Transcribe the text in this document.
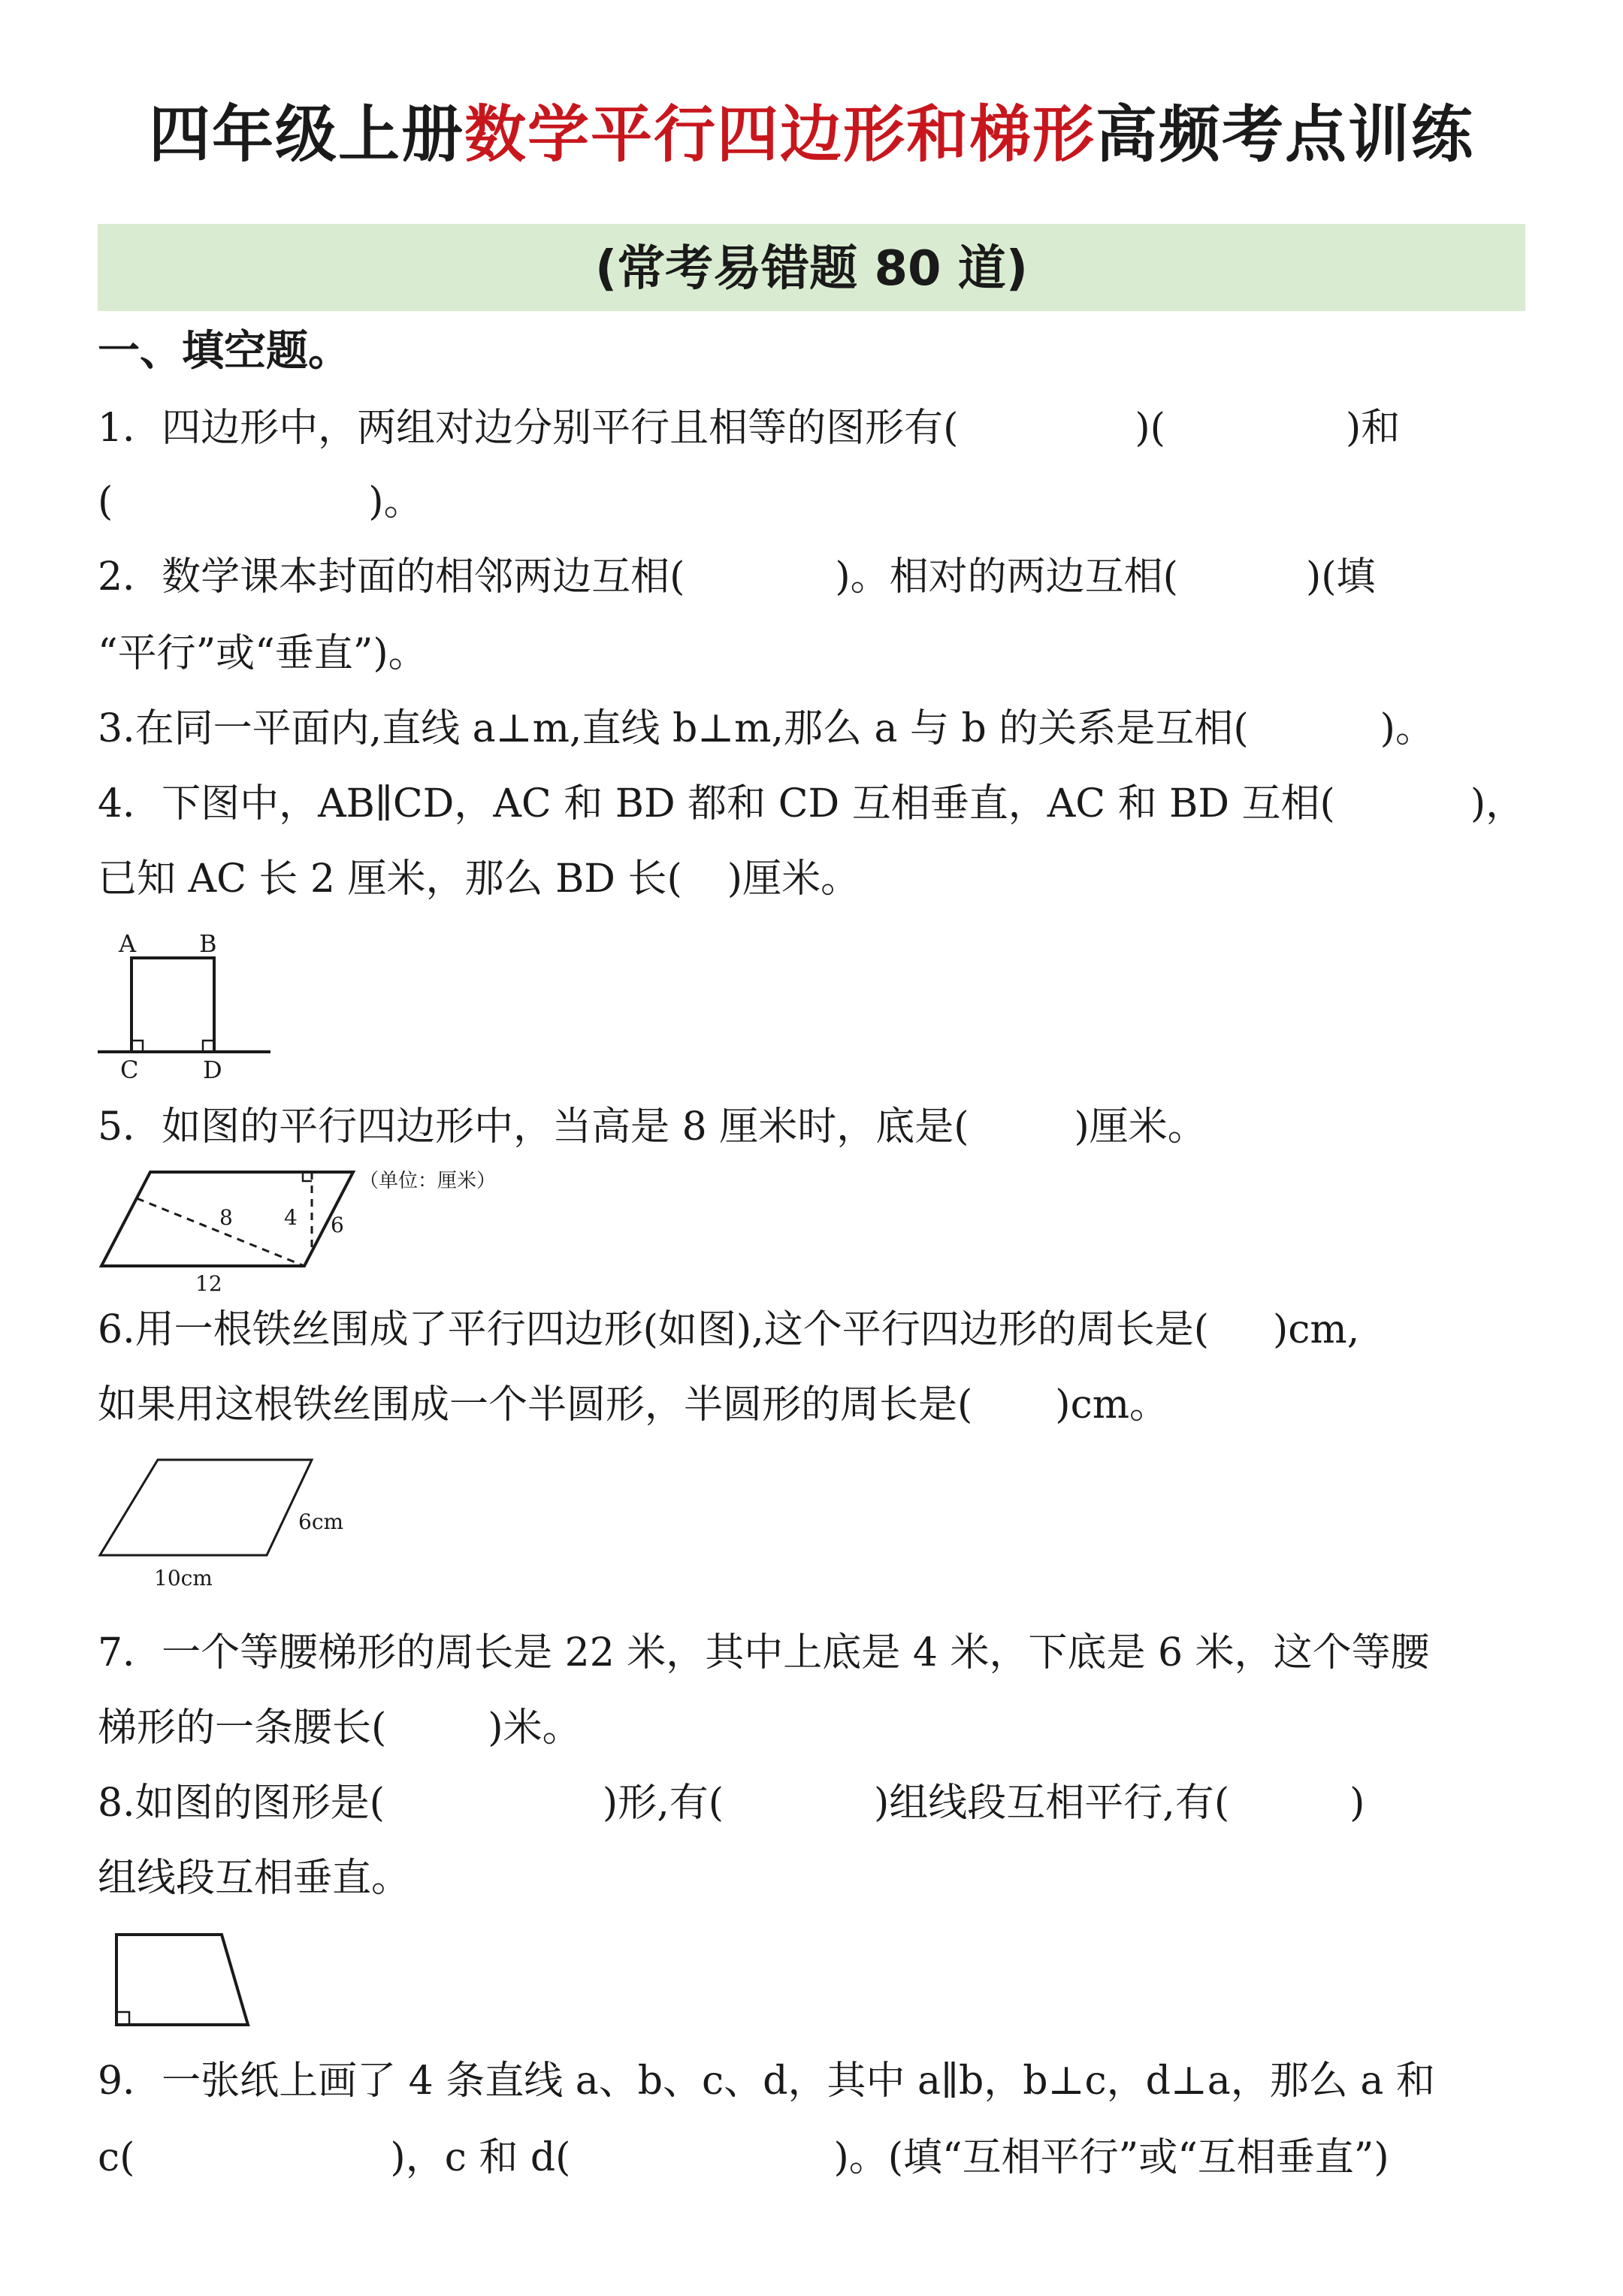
四年级上册数学平行四边形和梯形高频考点训练
(常考易错题 80 道)
一、填空题。
1．四边形中，两组对边分别平行且相等的图形有(	)(	)和
(	)。
2．数学课本封面的相邻两边互相(	)。相对的两边互相(	)(填
“平行”或“垂直”)。
3.在同一平面内,直线 a⊥m,直线 b⊥m,那么 a 与 b 的关系是互相(	)。
4．下图中，AB∥CD，AC 和 BD 都和 CD 互相垂直，AC 和 BD 互相(	)，
已知 AC 长 2 厘米，那么 BD 长( )厘米。
A	B
C	D
5．如图的平行四边形中，当高是 8 厘米时，底是(	)厘米。
8 4 6
12
（单位：厘米）
6.用一根铁丝围成了平行四边形(如图),这个平行四边形的周长是( )cm,
如果用这根铁丝围成一个半圆形，半圆形的周长是( )cm。
6cm
10cm
7．一个等腰梯形的周长是 22 米，其中上底是 4 米，下底是 6 米，这个等腰
梯形的一条腰长(	)米。
8.如图的图形是(	)形,有(	)组线段互相平行,有(	)
组线段互相垂直。
9．一张纸上画了 4 条直线 a、b、c、d，其中 a∥b，b⊥c，d⊥a，那么 a 和
c(	)，c 和 d(	)。(填“互相平行”或“互相垂直”)
